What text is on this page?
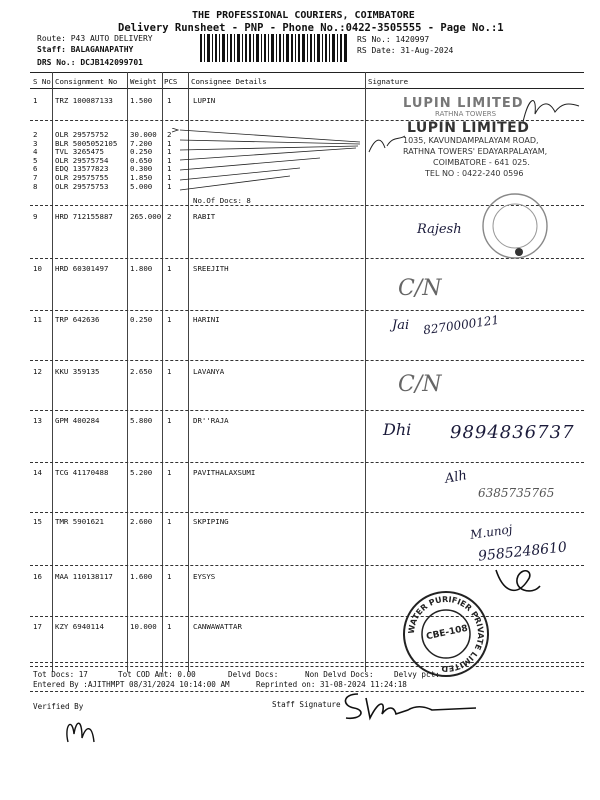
THE PROFESSIONAL COURIERS, COIMBATORE
Delivery Runsheet - PNP - Phone No.:0422-3505555 - Page No.:1
Route: P43 AUTO DELIVERY
Staff: BALAGANAPATHY
DRS No.: DCJB142099701
RS No.: 1420997
RS Date: 31-Aug-2024
S No Consignment No Weight PCS Consignee Details	Signature
1 TRZ 100087133 1.500 1	LUPIN
2 OLR 29575752	30.000 2
3 BLR 5005052105 7.200 1
4 TVL 3265475	0.250 1
5 OLR 29575754	0.650 1
6 EDQ 13577823	0.300 1
7 OLR 29575755	1.850 1
8 OLR 29575753	5.000 1
9 HRD 712155887 265.000 2	RABIT
10 HRD 60301497	1.800 1	SREEJITH
11 TRP 642636	0.250 1	HARINI
12 KKU 359135	2.650 1	LAVANYA
13 GPM 400284	5.800 1	DR''RAJA
14 TCG 41170488	5.200 1	PAVITHALAXSUMI
15 TMR 5901621	2.600 1	SKPIPING
16 MAA 110138117 1.600 1	EYSYS
17 KZY 6940114	10.000 1	CANWAWATTAR
No.Of Docs: 8
LUPIN LIMITED
RATHNA TOWERS
LUPIN LIMITED
1035, KAVUNDAMPALAYAM ROAD,
RATHNA TOWERS' EDAYARPALAYAM,
COIMBATORE - 641 025.
TEL NO : 0422-240 0596
Rajesh
C/N
Jai 8270000121
C/N
Dhi 9894836737
Alh
6385735765
M.unoj
9585248610
WATER PURIFIER PRIVATE LIMITED
CBE-108
Tot Docs: 17	Tot COD Amt: 0.00	Delvd Docs:	Non Delvd Docs:	Delvy pct:
Entered By :AJITHMPT 08/31/2024 10:14:00 AM	Reprinted on: 31-08-2024 11:24:18
Verified By	Staff Signature
